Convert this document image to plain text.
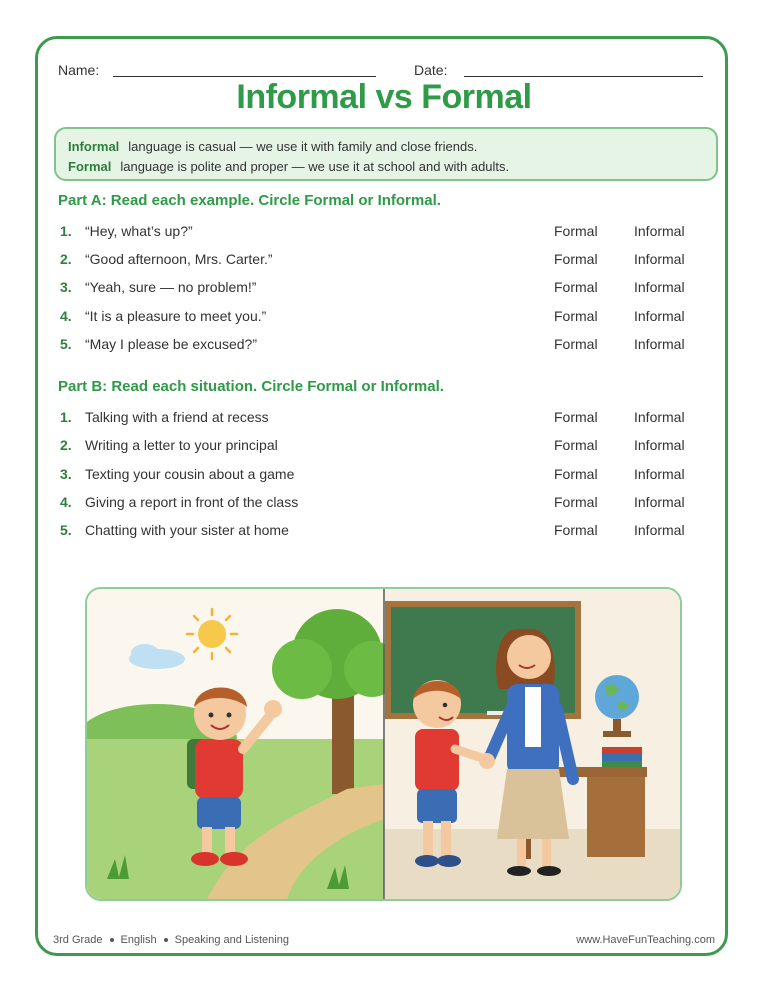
Name:	Date:
Informal vs Formal
Informal language is casual — we use it with family and close friends.
Formal language is polite and proper — we use it at school and with adults.
Part A: Read each example. Circle Formal or Informal.
1. “Hey, what’s up?”	Formal	Informal
2. “Good afternoon, Mrs. Carter.”	Formal	Informal
3. “Yeah, sure — no problem!”	Formal	Informal
4. “It is a pleasure to meet you.”	Formal	Informal
5. “May I please be excused?”	Formal	Informal
Part B: Read each situation. Circle Formal or Informal.
1. Talking with a friend at recess	Formal	Informal
2. Writing a letter to your principal	Formal	Informal
3. Texting your cousin about a game	Formal	Informal
4. Giving a report in front of the class	Formal	Informal
5. Chatting with your sister at home	Formal	Informal
3rd Grade English Speaking and Listening	www.HaveFunTeaching.com
